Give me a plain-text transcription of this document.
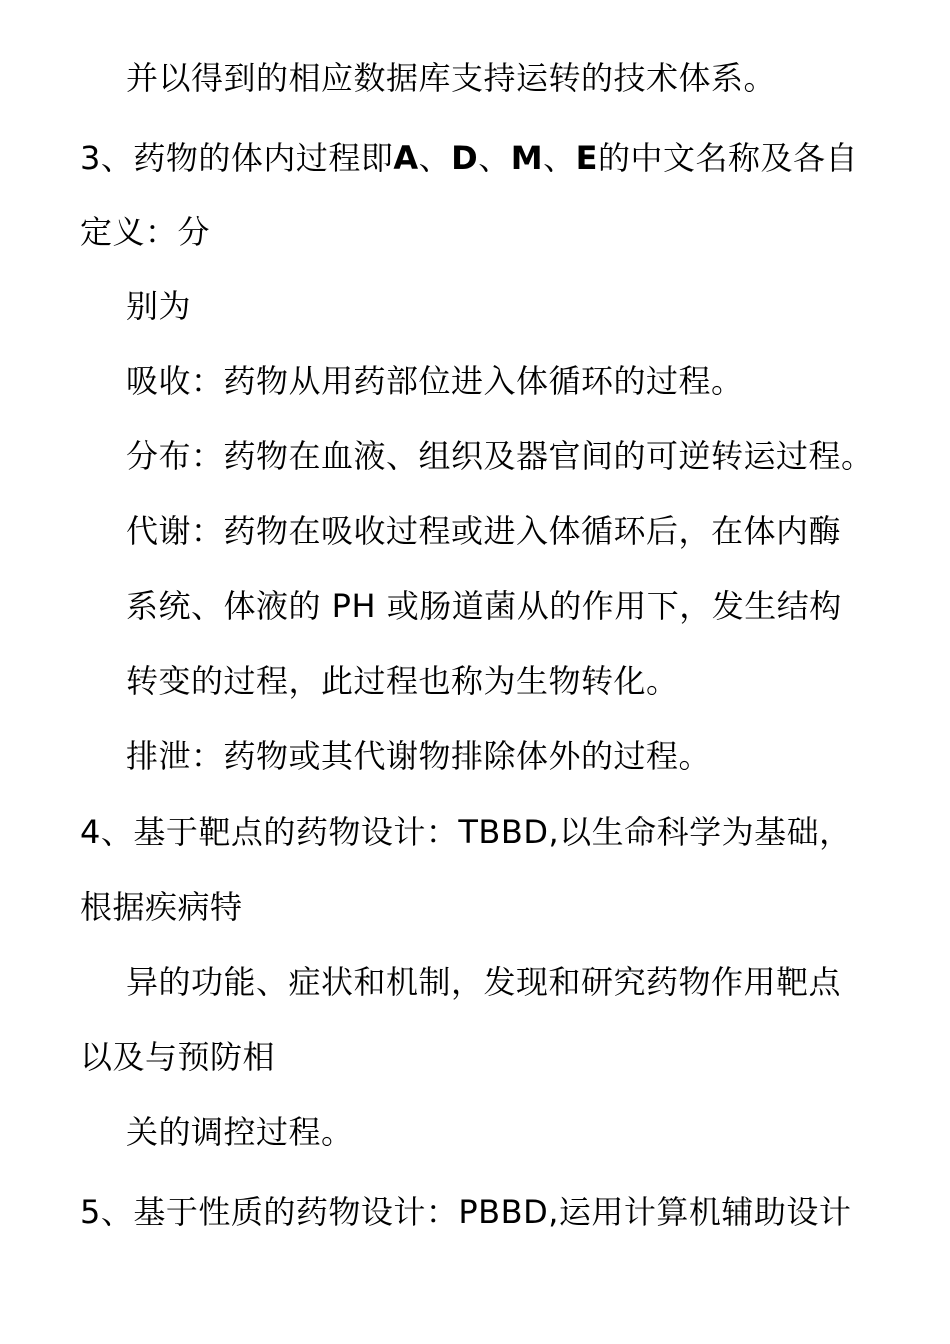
并以得到的相应数据库支持运转的技术体系。
3、药物的体内过程即A、D、M、E的中文名称及各自
定义：分
别为
吸收：药物从用药部位进入体循环的过程。
分布：药物在血液、组织及器官间的可逆转运过程。
代谢：药物在吸收过程或进入体循环后，在体内酶
系统、体液的 PH 或肠道菌从的作用下，发生结构
转变的过程，此过程也称为生物转化。
排泄：药物或其代谢物排除体外的过程。
4、基于靶点的药物设计：TBBD,以生命科学为基础，
根据疾病特
异的功能、症状和机制，发现和研究药物作用靶点
以及与预防相
关的调控过程。
5、基于性质的药物设计：PBBD,运用计算机辅助设计
